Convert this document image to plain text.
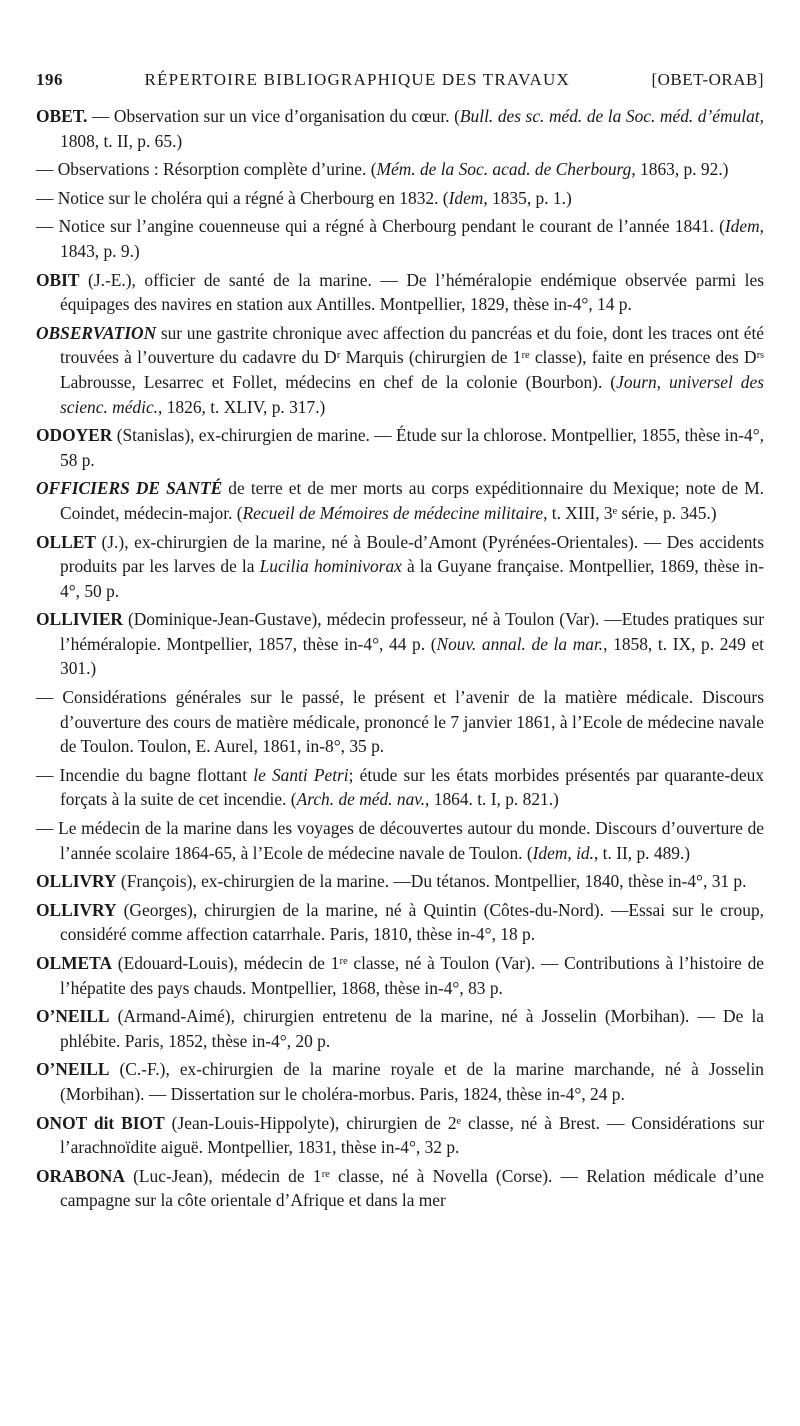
196	RÉPERTOIRE BIBLIOGRAPHIQUE DES TRAVAUX	[OBET-ORAB]

OBET. — Observation sur un vice d’organisation du cœur. (Bull. des sc. méd. de la Soc. méd. d’émulat, 1808, t. II, p. 65.)

— Observations : Résorption complète d’urine. (Mém. de la Soc. acad. de Cherbourg, 1863, p. 92.)

— Notice sur le choléra qui a régné à Cherbourg en 1832. (Idem, 1835, p. 1.)

— Notice sur l’angine couenneuse qui a régné à Cherbourg pendant le courant de l’année 1841. (Idem, 1843, p. 9.)

OBIT (J.-E.), officier de santé de la marine. — De l’héméralopie endémique observée parmi les équipages des navires en station aux Antilles. Montpellier, 1829, thèse in-4°, 14 p.

OBSERVATION sur une gastrite chronique avec affection du pancréas et du foie, dont les traces ont été trouvées à l’ouverture du cadavre du Dʳ Marquis (chirurgien de 1ʳᵉ classe), faite en présence des Dʳˢ Labrousse, Lesarrec et Follet, médecins en chef de la colonie (Bourbon). (Journ, universel des scienc. médic., 1826, t. XLIV, p. 317.)

ODOYER (Stanislas), ex-chirurgien de marine. — Étude sur la chlorose. Montpellier, 1855, thèse in-4°, 58 p.

OFFICIERS DE SANTÉ de terre et de mer morts au corps expéditionnaire du Mexique; note de M. Coindet, médecin-major. (Recueil de Mémoires de médecine militaire, t. XIII, 3ᵉ série, p. 345.)

OLLET (J.), ex-chirurgien de la marine, né à Boule-d’Amont (Pyrénées-Orientales). — Des accidents produits par les larves de la Lucilia hominivorax à la Guyane française. Montpellier, 1869, thèse in-4°, 50 p.

OLLIVIER (Dominique-Jean-Gustave), médecin professeur, né à Toulon (Var). —Etudes pratiques sur l’héméralopie. Montpellier, 1857, thèse in-4°, 44 p. (Nouv. annal. de la mar., 1858, t. IX, p. 249 et 301.)

— Considérations générales sur le passé, le présent et l’avenir de la matière médicale. Discours d’ouverture des cours de matière médicale, prononcé le 7 janvier 1861, à l’Ecole de médecine navale de Toulon. Toulon, E. Aurel, 1861, in-8°, 35 p.

— Incendie du bagne flottant le Santi Petri; étude sur les états morbides présentés par quarante-deux forçats à la suite de cet incendie. (Arch. de méd. nav., 1864. t. I, p. 821.)

— Le médecin de la marine dans les voyages de découvertes autour du monde. Discours d’ouverture de l’année scolaire 1864-65, à l’Ecole de médecine navale de Toulon. (Idem, id., t. II, p. 489.)

OLLIVRY (François), ex-chirurgien de la marine. —Du tétanos. Montpellier, 1840, thèse in-4°, 31 p.

OLLIVRY (Georges), chirurgien de la marine, né à Quintin (Côtes-du-Nord). —Essai sur le croup, considéré comme affection catarrhale. Paris, 1810, thèse in-4°, 18 p.

OLMETA (Edouard-Louis), médecin de 1ʳᵉ classe, né à Toulon (Var). — Contributions à l’histoire de l’hépatite des pays chauds. Montpellier, 1868, thèse in-4°, 83 p.

O’NEILL (Armand-Aimé), chirurgien entretenu de la marine, né à Josselin (Morbihan). — De la phlébite. Paris, 1852, thèse in-4°, 20 p.

O’NEILL (C.-F.), ex-chirurgien de la marine royale et de la marine marchande, né à Josselin (Morbihan). — Dissertation sur le choléra-morbus. Paris, 1824, thèse in-4°, 24 p.

ONOT dit BIOT (Jean-Louis-Hippolyte), chirurgien de 2ᵉ classe, né à Brest. — Considérations sur l’arachnoïdite aiguë. Montpellier, 1831, thèse in-4°, 32 p.

ORABONA (Luc-Jean), médecin de 1ʳᵉ classe, né à Novella (Corse). — Relation médicale d’une campagne sur la côte orientale d’Afrique et dans la mer
